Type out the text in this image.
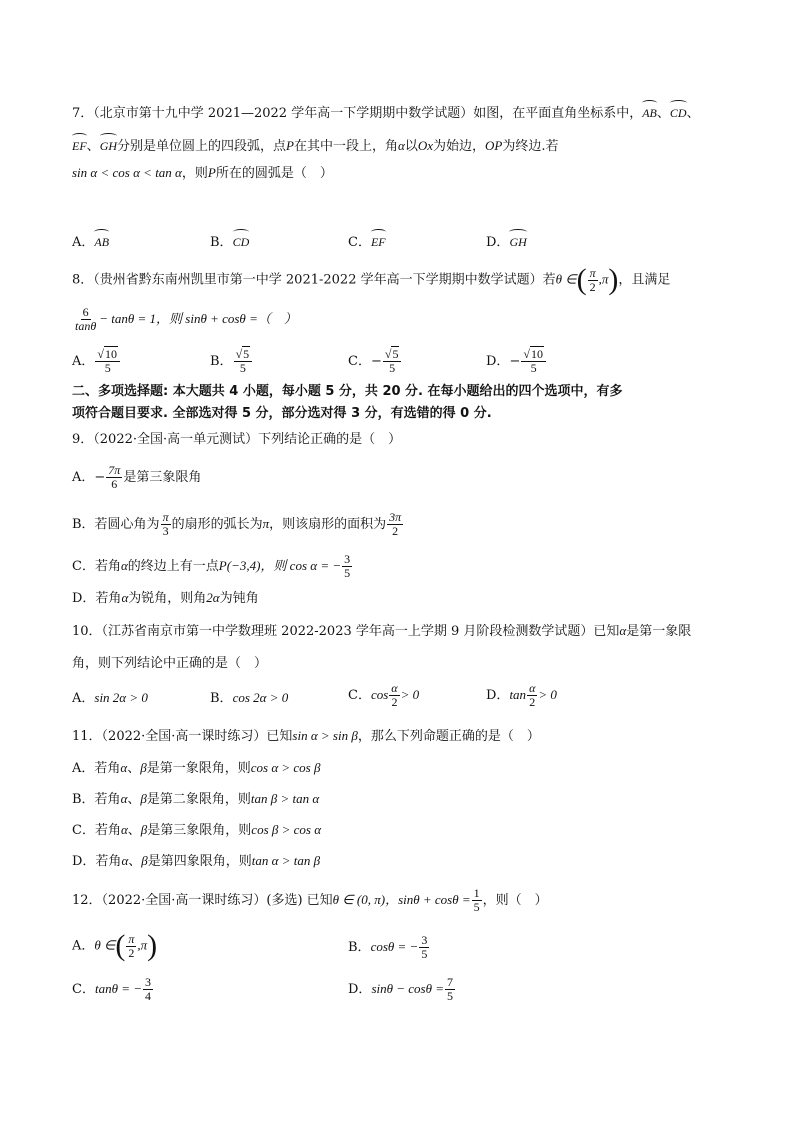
7．（北京市第十九中学 2021—2022 学年高一下学期期中数学试题）如图，在平面直角坐标系中，AB、CD、
EF、GH分别是单位圆上的四段弧，点P在其中一段上，角α以Ox为始边，OP为终边.若
sin α < cos α < tan α，则P所在的圆弧是（　）
A．AB	B．CD	C．EF	D．GH
8．（贵州省黔东南州凯里市第一中学 2021-2022 学年高一下学期期中数学试题）若θ ∈( $\frac{\pi}{2} ,\pi$)，且满足
$\frac{6}{\tan\theta} - \tan\theta = 1$，则 sinθ + cosθ =（　）
A． $\frac{√10}{5}$	B． $\frac{√5}{5}$	C．− $\frac{√5}{5}$	D．− $\frac{√10}{5}$
二、多项选择题: 本大题共 4 小题，每小题 5 分，共 20 分. 在每小题给出的四个选项中，有多
项符合题目要求. 全部选对得 5 分，部分选对得 3 分，有选错的得 0 分.
9．（2022·全国·高一单元测试）下列结论正确的是（　）
A．− $\frac{7\pi}{6}$ 是第三象限角
B．若圆心角为 $\frac{\pi}{3}$ 的扇形的弧长为π，则该扇形的面积为 $\frac{3\pi}{2}$
C．若角α的终边上有一点P(−3,4)，则 cos α = − $\frac{3}{5}$
D．若角α为锐角，则角2α为钝角
10．（江苏省南京市第一中学数理班 2022-2023 学年高一上学期 9 月阶段检测数学试题）已知α是第一象限
角，则下列结论中正确的是（　）
A．sin 2α > 0	B．cos 2α > 0	C．$\cos \frac{\alpha}{2} > 0$	D．$\tan \frac{\alpha}{2} > 0$
11．（2022·全国·高一课时练习）已知sin α > sin β，那么下列命题正确的是（　）
A．若角α、β是第一象限角，则cos α > cos β
B．若角α、β是第二象限角，则tan β > tan α
C．若角α、β是第三象限角，则cos β > cos α
D．若角α、β是第四象限角，则tan α > tan β
12．（2022·全国·高一课时练习）(多选) 已知θ ∈ (0, π)，$\sin\theta + \cos\theta = \frac{1}{5}$ ，则（　）
A．θ ∈( $\frac{\pi}{2} ,\pi$)	B．cosθ = − $\frac{3}{5}$
C．tanθ = − $\frac{3}{4}$	D．$\sin\theta - \cos\theta = \frac{7}{5}$
